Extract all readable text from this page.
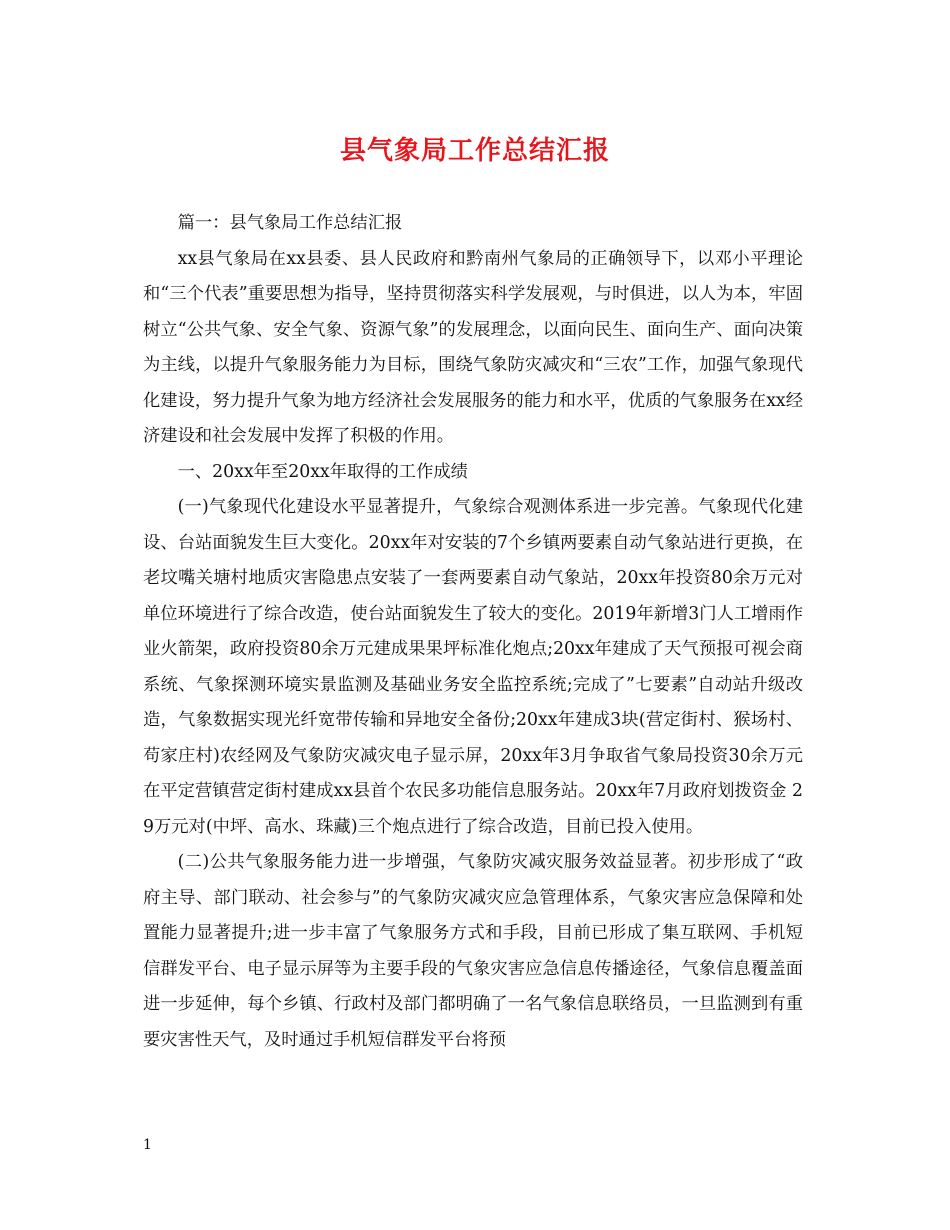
县气象局工作总结汇报

篇一：县气象局工作总结汇报

xx县气象局在xx县委、县人民政府和黔南州气象局的正确领导下，以邓小平理论和“三个代表”重要思想为指导，坚持贯彻落实科学发展观，与时俱进，以人为本，牢固树立“公共气象、安全气象、资源气象”的发展理念，以面向民生、面向生产、面向决策为主线，以提升气象服务能力为目标，围绕气象防灾减灾和“三农”工作，加强气象现代化建设，努力提升气象为地方经济社会发展服务的能力和水平，优质的气象服务在xx经济建设和社会发展中发挥了积极的作用。

一、20xx年至20xx年取得的工作成绩

(一)气象现代化建设水平显著提升，气象综合观测体系进一步完善。气象现代化建设、台站面貌发生巨大变化。20xx年对安装的7个乡镇两要素自动气象站进行更换，在老坟嘴关塘村地质灾害隐患点安装了一套两要素自动气象站，20xx年投资80余万元对单位环境进行了综合改造，使台站面貌发生了较大的变化。2019年新增3门人工增雨作业火箭架，政府投资80余万元建成果果坪标准化炮点;20xx年建成了天气预报可视会商系统、气象探测环境实景监测及基础业务安全监控系统;完成了”七要素”自动站升级改造，气象数据实现光纤宽带传输和异地安全备份;20xx年建成3块(营定街村、猴场村、苟家庄村)农经网及气象防灾减灾电子显示屏，20xx年3月争取省气象局投资30余万元在平定营镇营定街村建成xx县首个农民多功能信息服务站。20xx年7月政府划拨资金 29万元对(中坪、高水、珠藏)三个炮点进行了综合改造，目前已投入使用。

(二)公共气象服务能力进一步增强，气象防灾减灾服务效益显著。初步形成了“政府主导、部门联动、社会参与”的气象防灾减灾应急管理体系，气象灾害应急保障和处置能力显著提升;进一步丰富了气象服务方式和手段，目前已形成了集互联网、手机短信群发平台、电子显示屏等为主要手段的气象灾害应急信息传播途径，气象信息覆盖面进一步延伸，每个乡镇、行政村及部门都明确了一名气象信息联络员，一旦监测到有重要灾害性天气，及时通过手机短信群发平台将预

1
